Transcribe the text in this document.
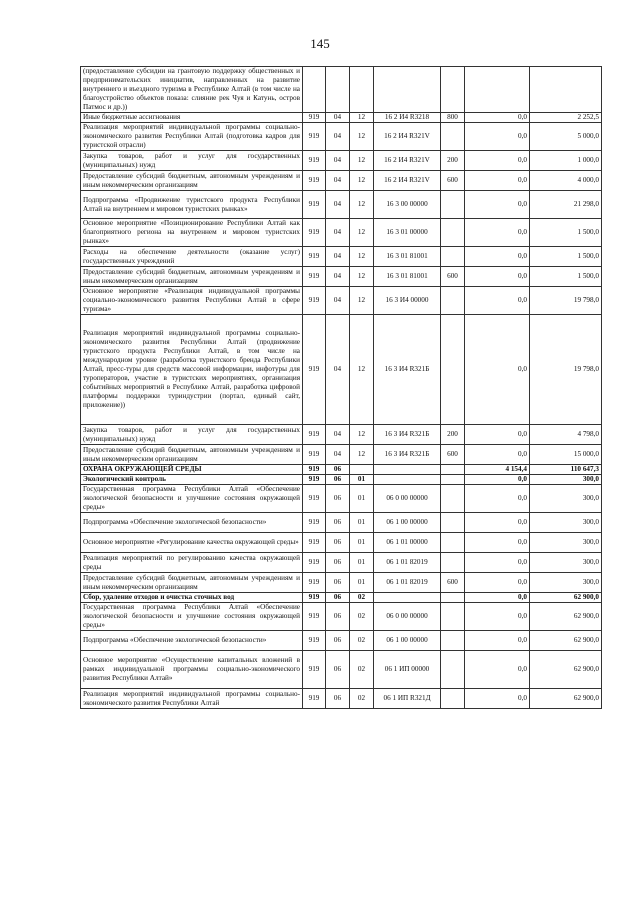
145
(предоставление субсидии на грантовую поддержку общественных и предпринимательских инициатив, направленных на развитие внутреннего и въездного туризма в Республике Алтай (в том числе на благоустройство объектов показа: слияние рек Чуя и Катунь, остров Патмос и др.))							
Иные бюджетные ассигнования	919	04	12	16 2 И4 R3218	800	0,0	2 252,5
Реализация мероприятий индивидуальной программы социально-экономического развития Республики Алтай (подготовка кадров для туристской отрасли)	919	04	12	16 2 И4 R321V		0,0	5 000,0
Закупка товаров, работ и услуг для государственных (муниципальных) нужд	919	04	12	16 2 И4 R321V	200	0,0	1 000,0
Предоставление субсидий бюджетным, автономным учреждениям и иным некоммерческим организациям	919	04	12	16 2 И4 R321V	600	0,0	4 000,0
Подпрограмма «Продвижение туристского продукта Республики Алтай на внутреннем и мировом туристских рынках»	919	04	12	16 3 00 00000		0,0	21 298,0
Основное мероприятие «Позиционирование Республики Алтай как благоприятного региона на внутреннем и мировом туристских рынках»	919	04	12	16 3 01 00000		0,0	1 500,0
Расходы на обеспечение деятельности (оказание услуг) государственных учреждений	919	04	12	16 3 01 81001		0,0	1 500,0
Предоставление субсидий бюджетным, автономным учреждениям и иным некоммерческим организациям	919	04	12	16 3 01 81001	600	0,0	1 500,0
Основное мероприятие «Реализация индивидуальной программы социально-экономического развития Республики Алтай в сфере туризма»	919	04	12	16 3 И4 00000		0,0	19 798,0
Реализация мероприятий индивидуальной программы социально-экономического развития Республики Алтай (продвижение туристского продукта Республики Алтай, в том числе на международном уровне (разработка туристского бренда Республики Алтай, пресс-туры для средств массовой информации, инфотуры для туроператоров, участие в туристских мероприятиях, организация событийных мероприятий в Республике Алтай, разработка цифровой платформы поддержки туриндустрии (портал, единый сайт, приложение))	919	04	12	16 3 И4 R321Б		0,0	19 798,0
Закупка товаров, работ и услуг для государственных (муниципальных) нужд	919	04	12	16 3 И4 R321Б	200	0,0	4 798,0
Предоставление субсидий бюджетным, автономным учреждениям и иным некоммерческим организациям	919	04	12	16 3 И4 R321Б	600	0,0	15 000,0
ОХРАНА ОКРУЖАЮЩЕЙ СРЕДЫ	919	06				4 154,4	110 647,3
Экологический контроль	919	06	01			0,0	300,0
Государственная программа Республики Алтай «Обеспечение экологической безопасности и улучшение состояния окружающей среды»	919	06	01	06 0 00 00000		0,0	300,0
Подпрограмма «Обеспечение экологической безопасности»	919	06	01	06 1 00 00000		0,0	300,0
Основное мероприятие «Регулирование качества окружающей среды»	919	06	01	06 1 01 00000		0,0	300,0
Реализация мероприятий по регулированию качества окружающей среды	919	06	01	06 1 01 82019		0,0	300,0
Предоставление субсидий бюджетным, автономным учреждениям и иным некоммерческим организациям	919	06	01	06 1 01 82019	600	0,0	300,0
Сбор, удаление отходов и очистка сточных вод	919	06	02			0,0	62 900,0
Государственная программа Республики Алтай «Обеспечение экологической безопасности и улучшение состояния окружающей среды»	919	06	02	06 0 00 00000		0,0	62 900,0
Подпрограмма «Обеспечение экологической безопасности»	919	06	02	06 1 00 00000		0,0	62 900,0
Основное мероприятие «Осуществление капитальных вложений в рамках индивидуальной программы социально-экономического развития Республики Алтай»	919	06	02	06 1 ИП 00000		0,0	62 900,0
Реализация мероприятий индивидуальной программы социально-экономического развития Республики Алтай	919	06	02	06 1 ИП R321Д		0,0	62 900,0
